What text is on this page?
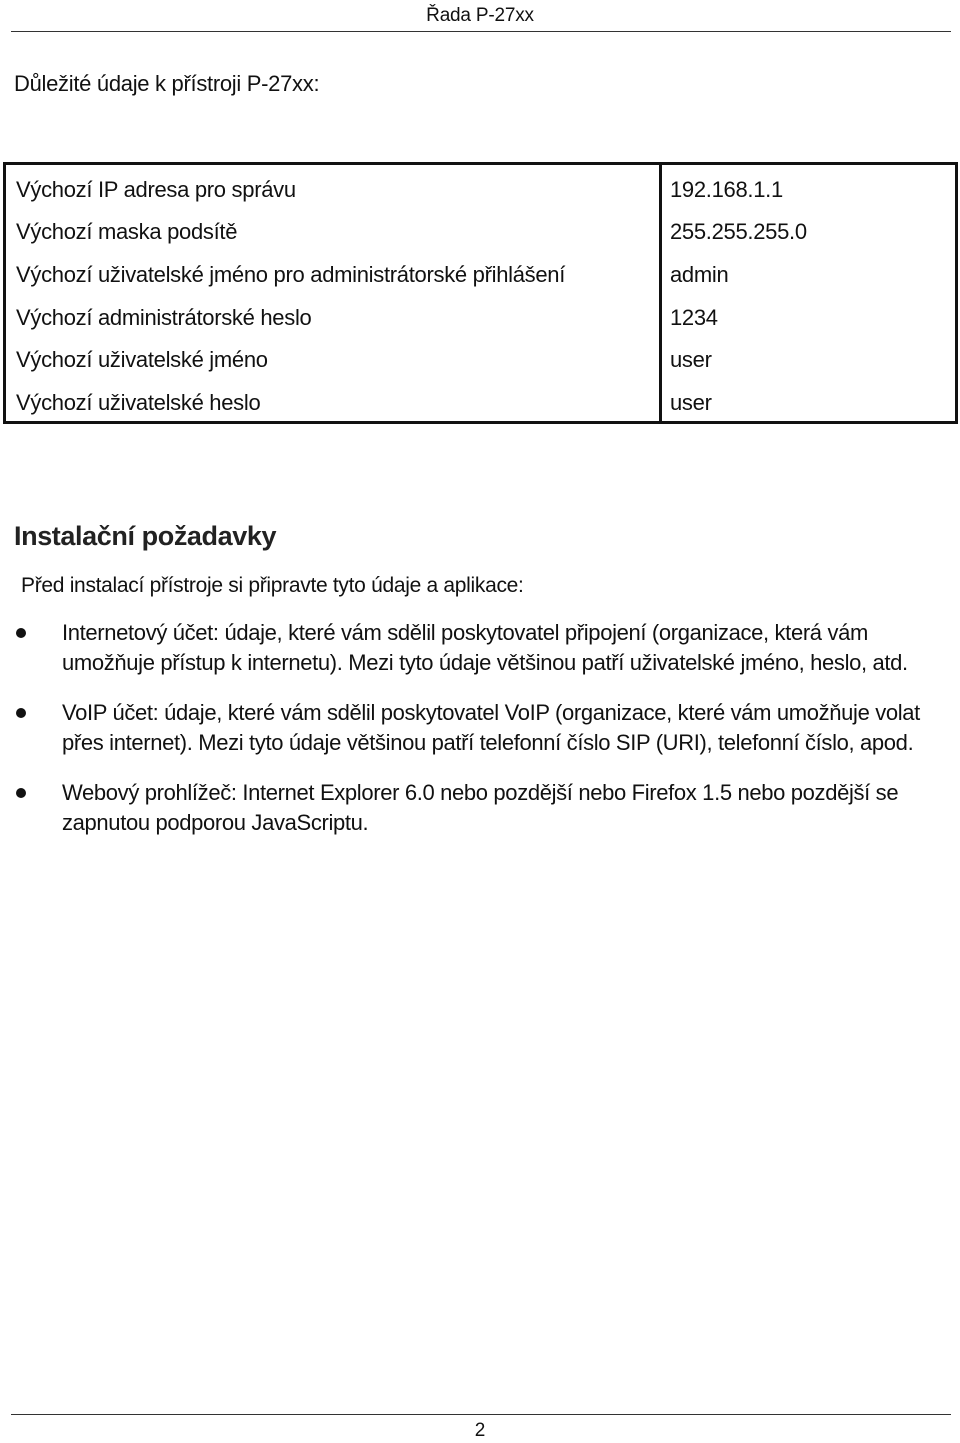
Řada P-27xx
Důležité údaje k přístroji P-27xx:
Výchozí IP adresa pro správu	192.168.1.1
Výchozí maska podsítě	255.255.255.0
Výchozí uživatelské jméno pro administrátorské přihlášení	admin
Výchozí administrátorské heslo	1234
Výchozí uživatelské jméno	user
Výchozí uživatelské heslo	user
Instalační požadavky
Před instalací přístroje si připravte tyto údaje a aplikace:
Internetový účet: údaje, které vám sdělil poskytovatel připojení (organizace, která vám umožňuje přístup k internetu). Mezi tyto údaje většinou patří uživatelské jméno, heslo, atd.
VoIP účet: údaje, které vám sdělil poskytovatel VoIP (organizace, které vám umožňuje volat přes internet). Mezi tyto údaje většinou patří telefonní číslo SIP (URI), telefonní číslo, apod.
Webový prohlížeč: Internet Explorer 6.0 nebo pozdější nebo Firefox 1.5 nebo pozdější se zapnutou podporou JavaScriptu.
2
